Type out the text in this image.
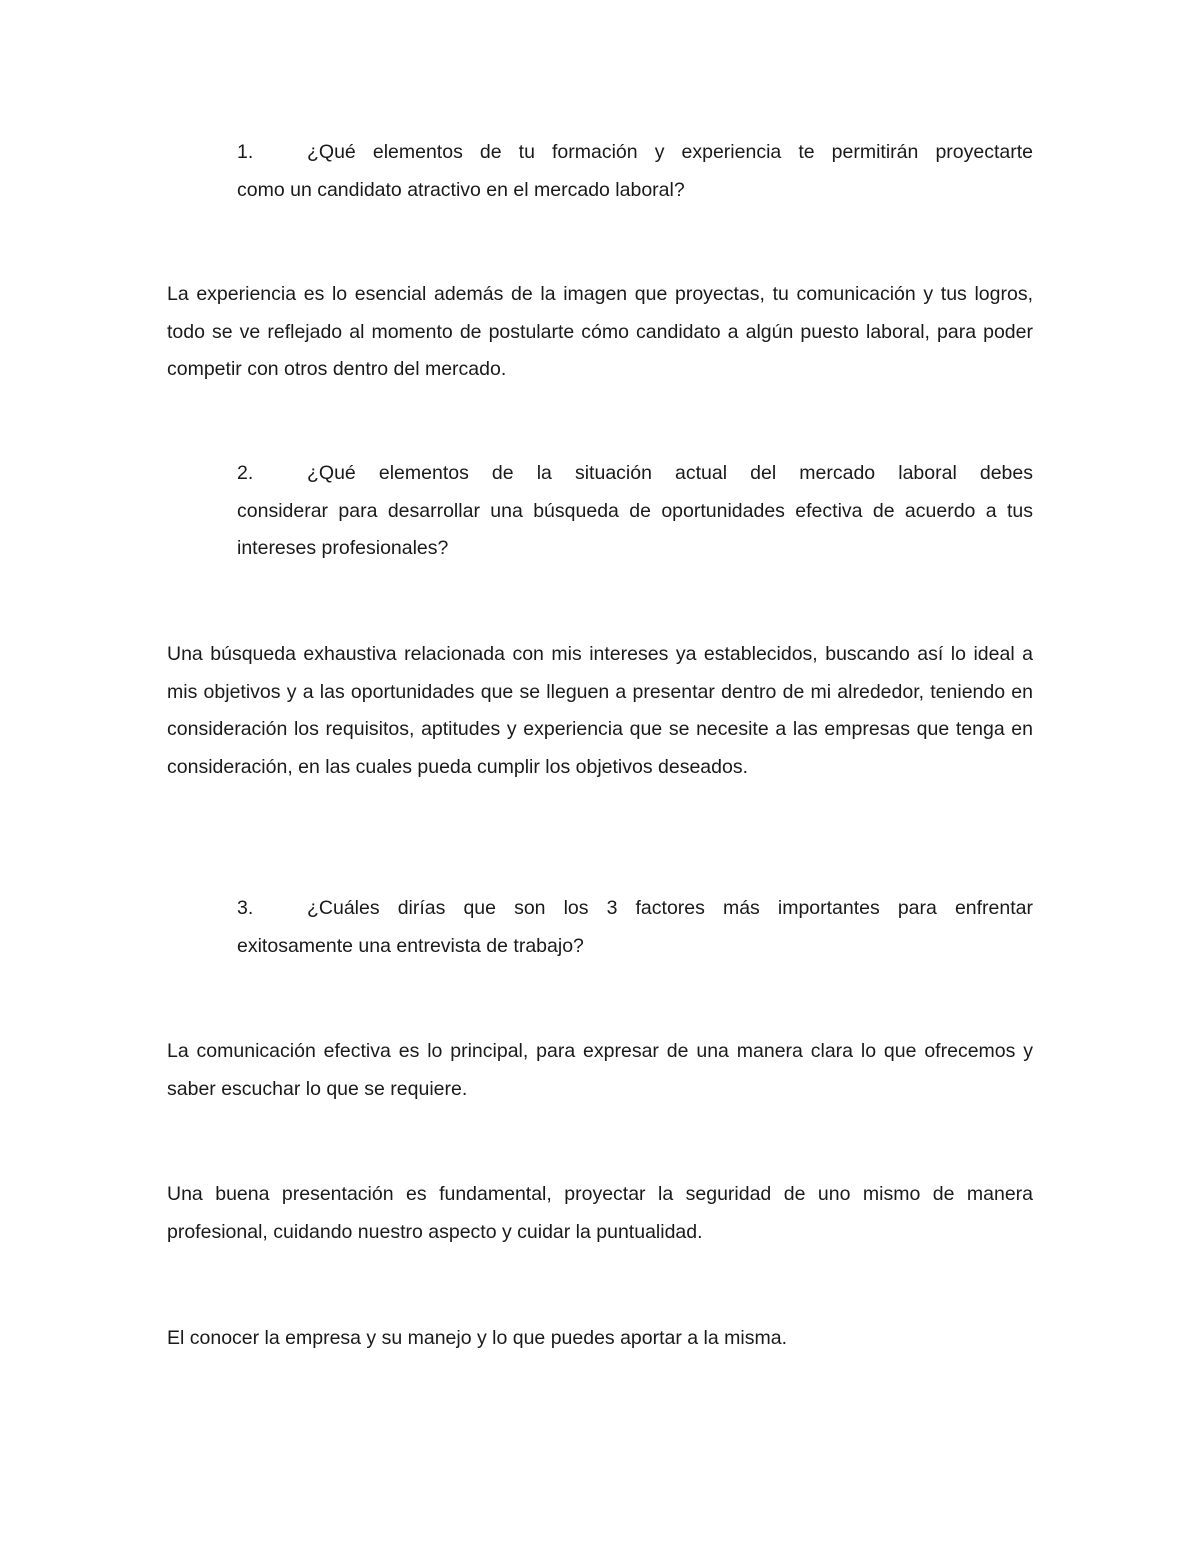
1.	¿Qué elementos de tu formación y experiencia te permitirán proyectarte
como un candidato atractivo en el mercado laboral?
La experiencia es lo esencial además de la imagen que proyectas, tu comunicación y tus logros, todo se ve reflejado al momento de postularte cómo candidato a algún puesto laboral, para poder competir con otros dentro del mercado.
2.	¿Qué elementos de la situación actual del mercado laboral debes
considerar para desarrollar una búsqueda de oportunidades efectiva de acuerdo a tus intereses profesionales?
Una búsqueda exhaustiva relacionada con mis intereses ya establecidos, buscando así lo ideal a mis objetivos y a las oportunidades que se lleguen a presentar dentro de mi alrededor, teniendo en consideración los requisitos, aptitudes y experiencia que se necesite a las empresas que tenga en consideración, en las cuales pueda cumplir los objetivos deseados.
3.	¿Cuáles dirías que son los 3 factores más importantes para enfrentar
exitosamente una entrevista de trabajo?
La comunicación efectiva es lo principal, para expresar de una manera clara lo que ofrecemos y saber escuchar lo que se requiere.
Una buena presentación es fundamental, proyectar la seguridad de uno mismo de manera profesional, cuidando nuestro aspecto y cuidar la puntualidad.
El conocer la empresa y su manejo y lo que puedes aportar a la misma.
